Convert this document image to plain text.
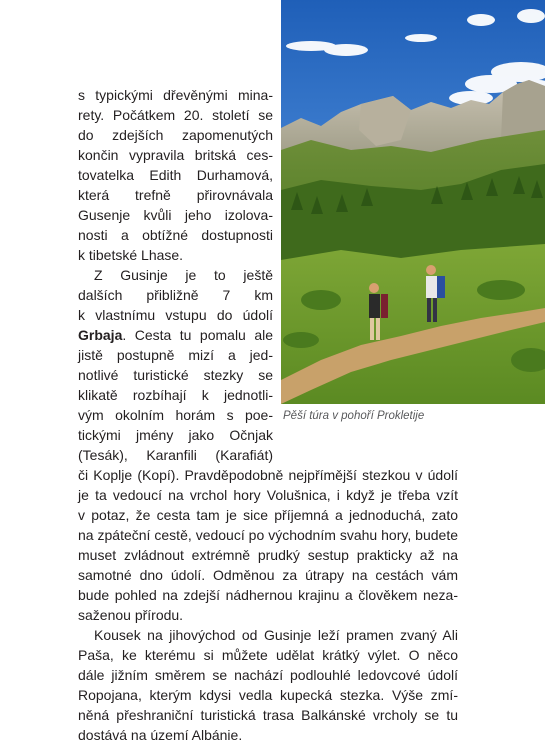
Pěší túra v pohoří Prokletije
s typickými dřevěnými mina-
rety. Počátkem 20. století se
do zdejších zapomenutých
končin vypravila britská ces-
tovatelka Edith Durhamová,
která trefně přirovnávala
Gusenje kvůli jeho izolova-
nosti a obtížné dostupnosti
k tibetské Lhase.
Z Gusinje je to ještě
dalších přibližně 7 km
k vlastnímu vstupu do údolí
Grbaja. Cesta tu pomalu ale
jistě postupně mizí a jed-
notlivé turistické stezky se
klikatě rozbíhají k jednotli-
vým okolním horám s poe-
tickými jmény jako Očnjak
(Tesák), Karanfili (Karafiát)
či Koplje (Kopí). Pravděpodobně nejpřímější stezkou v údolí
je ta vedoucí na vrchol hory Volušnica, i když je třeba vzít
v potaz, že cesta tam je sice příjemná a jednoduchá, zato
na zpáteční cestě, vedoucí po východním svahu hory, budete
muset zvládnout extrémně prudký sestup prakticky až na
samotné dno údolí. Odměnou za útrapy na cestách vám
bude pohled na zdejší nádhernou krajinu a člověkem neza-
saženou přírodu.
Kousek na jihovýchod od Gusinje leží pramen zvaný Ali
Paša, ke kterému si můžete udělat krátký výlet. O něco
dále jižním směrem se nachází podlouhlé ledovcové údolí
Ropojana, kterým kdysi vedla kupecká stezka. Výše zmí-
něná přeshraniční turistická trasa Balkánské vrcholy se tu
dostává na území Albánie.
